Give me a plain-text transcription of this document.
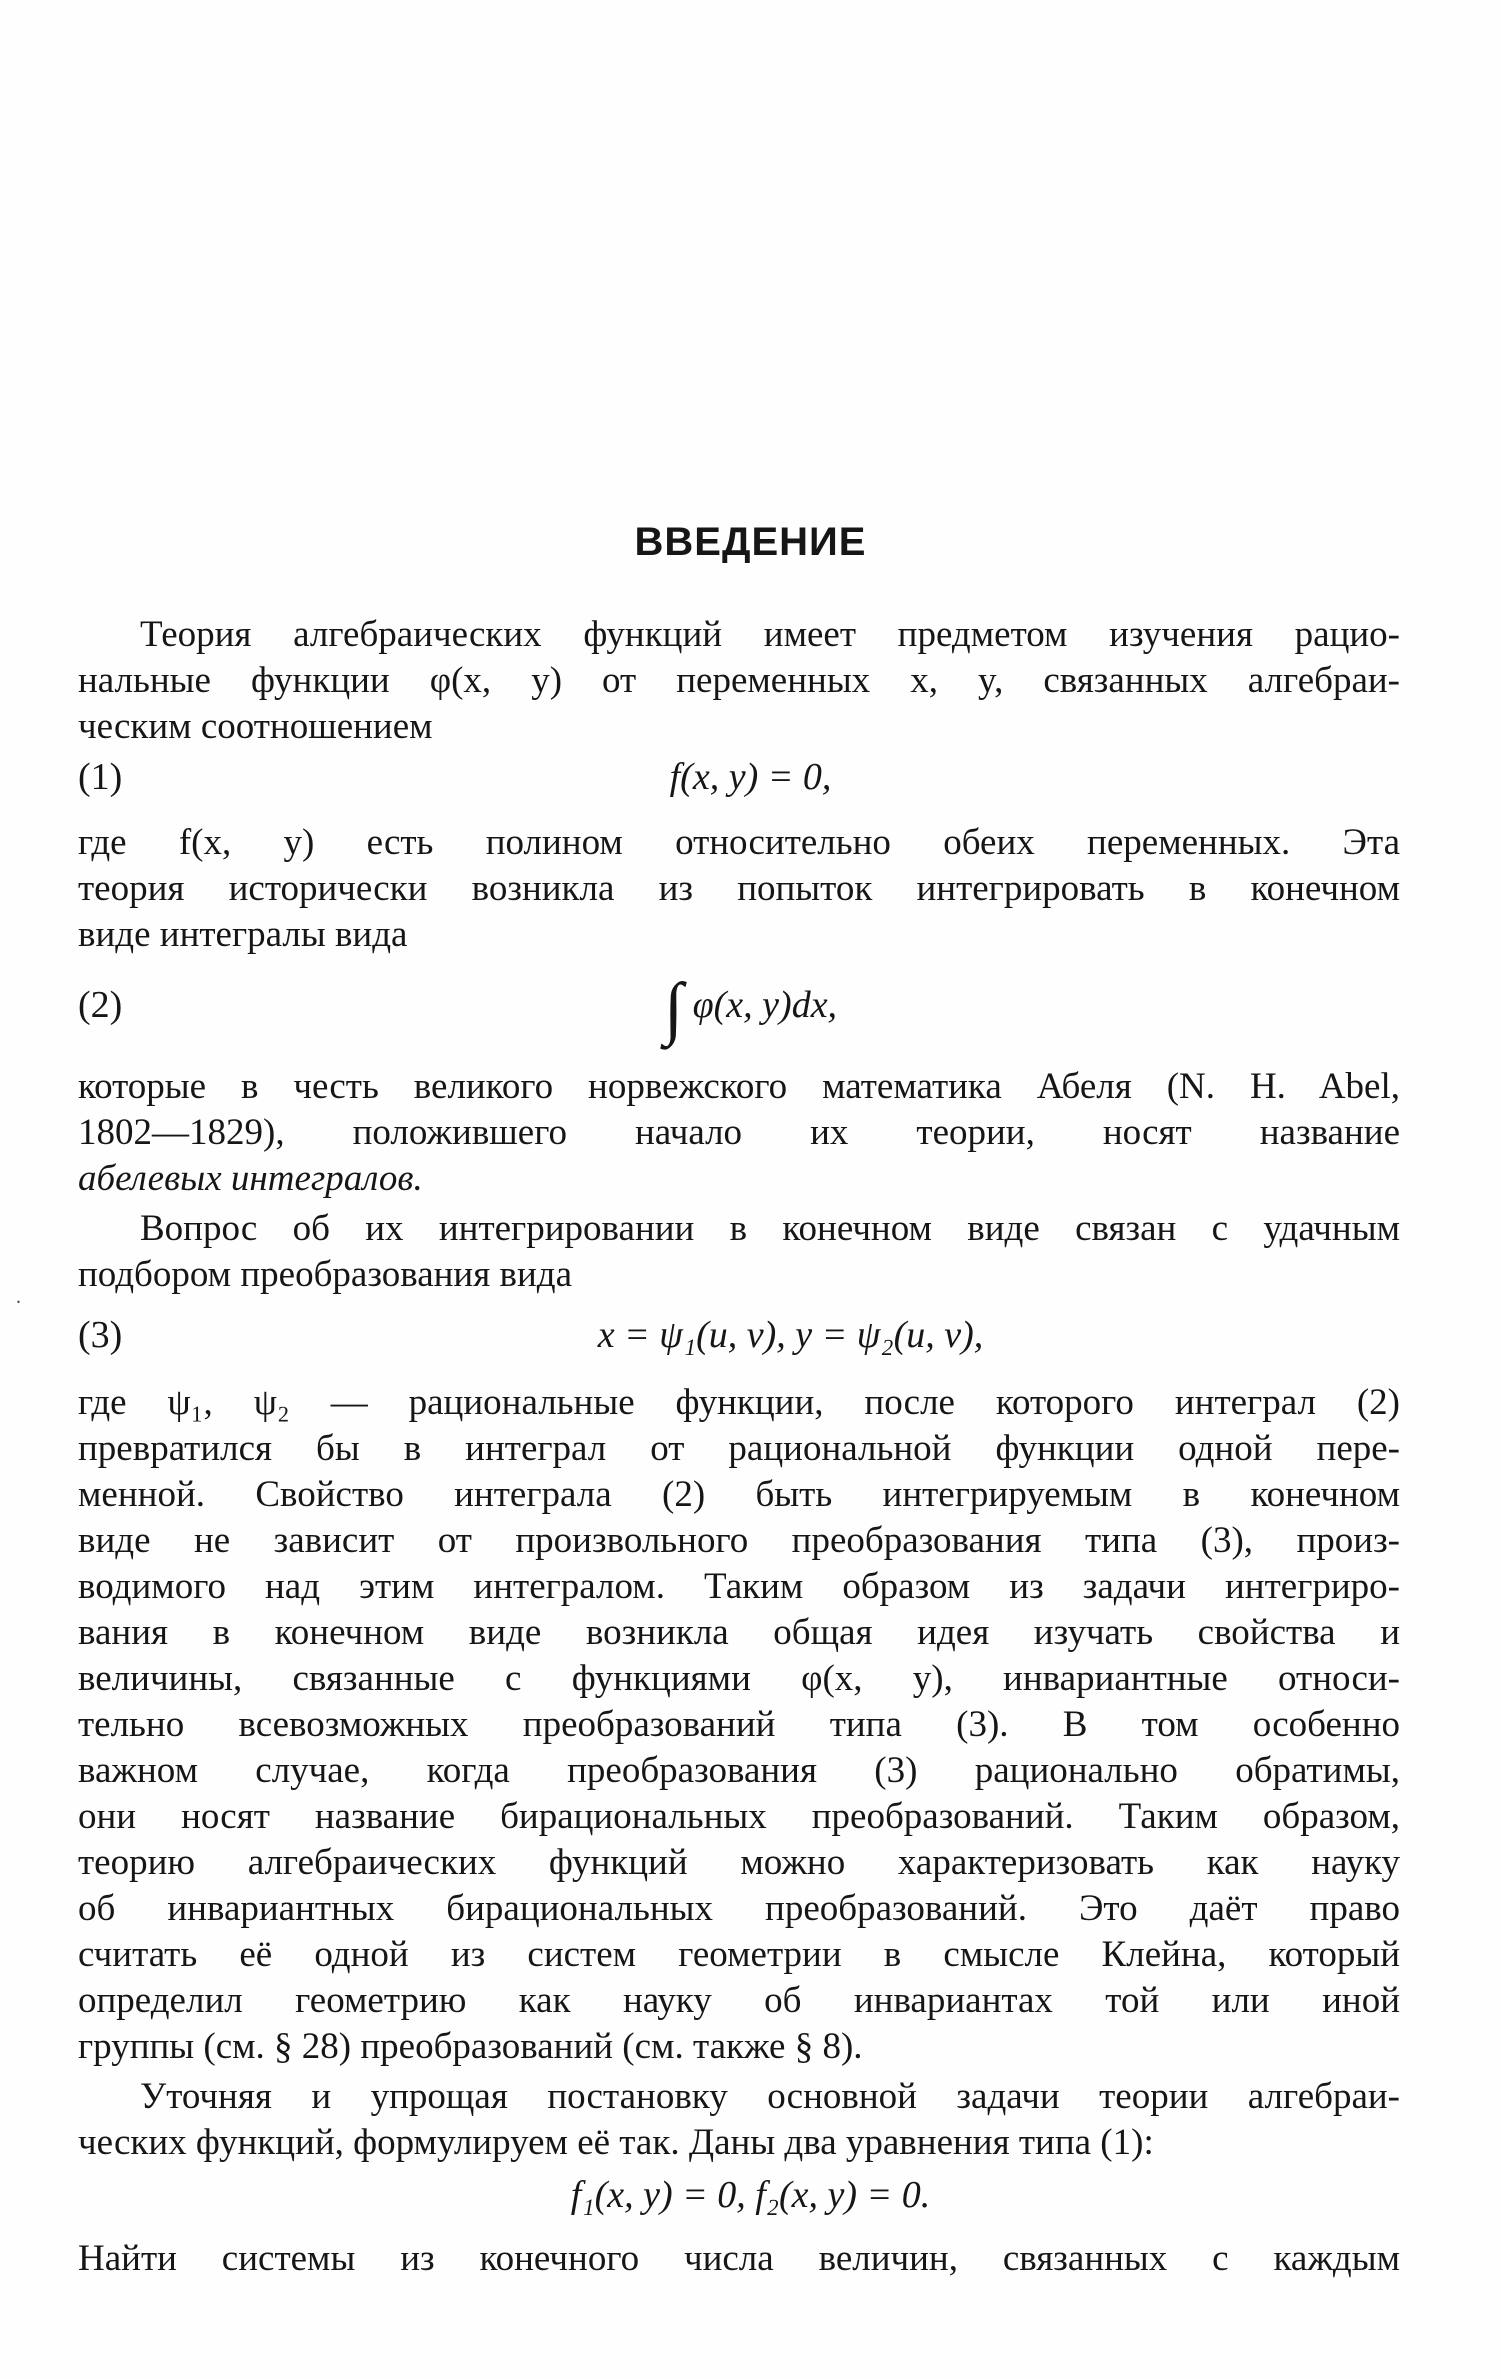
ВВЕДЕНИЕ
Теория алгебраических функций имеет предметом изучения рацио-
нальные функции φ(x, y) от переменных x, y, связанных алгебраи-
ческим соотношением
(1)	f(x, y) = 0,
где f(x, y) есть полином относительно обеих переменных. Эта
теория исторически возникла из попыток интегрировать в конечном
виде интегралы вида
(2)	∫ φ(x, y)dx,
которые в честь великого норвежского математика Абеля (N. H. Abel,
1802—1829), положившего начало их теории, носят название
абелевых интегралов.
Вопрос об их интегрировании в конечном виде связан с удачным
подбором преобразования вида
(3)	x = ψ₁(u, v), y = ψ₂(u, v),
где ψ₁, ψ₂ — рациональные функции, после которого интеграл (2)
превратился бы в интеграл от рациональной функции одной пере-
менной. Свойство интеграла (2) быть интегрируемым в конечном
виде не зависит от произвольного преобразования типа (3), произ-
водимого над этим интегралом. Таким образом из задачи интегриро-
вания в конечном виде возникла общая идея изучать свойства и
величины, связанные с функциями φ(x, y), инвариантные относи-
тельно всевозможных преобразований типа (3). В том особенно
важном случае, когда преобразования (3) рационально обратимы,
они носят название бирациональных преобразований. Таким образом,
теорию алгебраических функций можно характеризовать как науку
об инвариантных бирациональных преобразований. Это даёт право
считать её одной из систем геометрии в смысле Клейна, который
определил геометрию как науку об инвариантах той или иной
группы (см. § 28) преобразований (см. также § 8).
Уточняя и упрощая постановку основной задачи теории алгебраи-
ческих функций, формулируем её так. Даны два уравнения типа (1):
f₁(x, y) = 0, f₂(x, y) = 0.
Найти системы из конечного числа величин, связанных с каждым
.
